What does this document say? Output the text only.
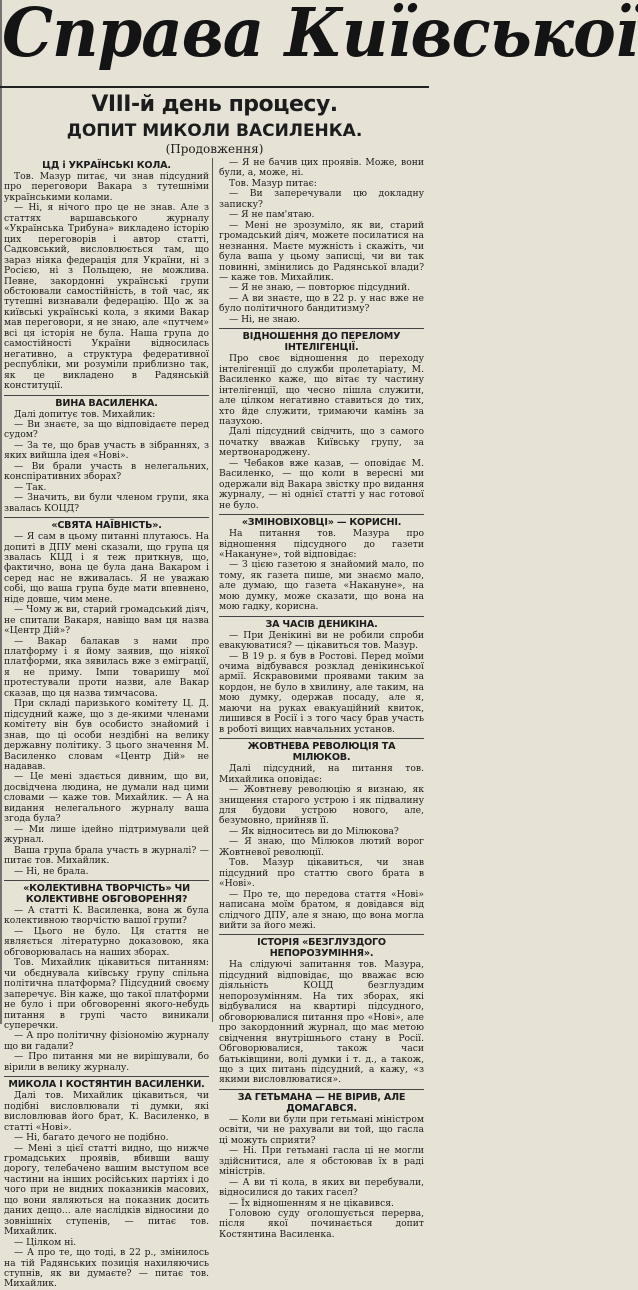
Справа Київської
VIII-й день процесу.
ДОПИТ МИКОЛИ ВАСИЛЕНКА.
(Продовження)
ЦД і УКРАЇНСЬКІ КОЛА.

Тов. Мазур питає, чи знав підсудний про переговори Вакара з тутешніми українськими колами.

— Ні, я нічого про це не знав. Але з статтях варшавського журналу «Українська Трибуна» викладено історію цих переговорів і автор статті, Садковський, висловлюється там, що зараз ніяка федерація для України, ні з Росією, ні з Польщею, не можлива. Певне, закордонні українські групи обстоювали самостійність, в той час, як тутешні визнавали федерацію. Що ж за київські українські кола, з якими Вакар мав переговори, я не знаю, але «путчем» всі ця історія не була. Наша група до самостійності України відносилась негативно, а структура федеративної республіки, ми розуміли приблизно так, як це викладено в Радянській конституції.

ВИНА ВАСИЛЕНКА.

Далі допитує тов. Михайлик:

— Ви знаєте, за що відповідаєте перед судом?

— За те, що брав участь в зібраннях, з яких вийшла ідея «Нові».

— Ви брали участь в нелегальних, конспіративних зборах?

— Так.

— Значить, ви були членом групи, яка звалась КОЦД?

«СВЯТА НАЇВНІСТЬ».

— Я сам в цьому питанні плутаюсь. На допиті в ДПУ мені сказали, що група ця звалась КЦД і я теж приткнув, що, фактично, вона це була дана Вакаром і серед нас не вживалась. Я не уважаю собі, що ваша група буде мати впевнено, ніде довше, чим мене.

— Чому ж ви, старий громадський діяч, не спитали Вакаря, навіщо вам ця назва «Центр Дій»?

— Вакар балакав з нами про платформу і я йому заявив, що ніякої платформи, яка зявилась вже з еміграції, я не приму. Імпи товаришу мої протестували проти назви, але Вакар сказав, що ця назва тимчасова.

При складі паризького комітету Ц. Д. підсудний каже, що з де-якими членами комітету він був особисто знайомий і знав, що ці особи нездібні на велику державну політику. З цього значення М. Василенко словам «Центр Дій» не надавав.

— Це мені здається дивним, що ви, досвідчена людина, не думали над цими словами — каже тов. Михайлик. — А на видання нелегального журналу ваша згода була?

— Ми лише ідейно підтримували цей журнал.

Ваша група брала участь в журналі? — питає тов. Михайлик.

— Ні, не брала.

«КОЛЕКТИВНА ТВОРЧІСТЬ» ЧИ КОЛЕКТИВНЕ ОБГОВОРЕННЯ?

— А статті К. Василенка, вона ж була колективною творчістю вашої групи?

— Цього не було. Ця стаття не являється літературно доказовою, яка обговорювалась на наших зборах.

Тов. Михайлик цікавиться питанням: чи обєднувала київську групу спільна політична платформа? Підсудний своєму заперечує. Він каже, що такої платформи не було і при обговоренні якого-небудь питання в групі часто виникали суперечки.

— А про політичну фізіономію журналу що ви гадали?

— Про питання ми не вирішували, бо вірили в велику журналу.

МИКОЛА І КОСТЯНТИН ВАСИЛЕНКИ.

Далі тов. Михайлик цікавиться, чи подібні висловлювали ті думки, які висловлював його брат, К. Василенко, в статті «Нові».

— Ні, багато дечого не подібно.

— Мені з цієї статті видно, що нижче громадських проявів, вбивши вашу дорогу, телебачено вашим выступом все частини на інших російських партіях і до чого при не видних показників масових, що вони являються на показник досить даних дещо... але наслідків відносини до зовнішніх ступенів, — питає тов. Михайлик.

— Цілком ні.

— А про те, що тоді, в 22 р., змінилось на тій Радянських позиція нахиляючись ступнів, як ви думаєте? — питає тов. Михайлик.

— Я не бачив цих проявів. Може, вони були, а, може, ні.

Тов. Мазур питає:

— Ви заперечували цю докладну записку?

— Я не пам'ятаю.

— Мені не зрозуміло, як ви, старий громадський діяч, можете посилатися на незнання. Маєте мужність і скажіть, чи була ваша у цьому записці, чи ви так повинні, змінились до Радянської влади? — каже тов. Михайлик.

— Я не знаю, — повторює підсудний.

— А ви знаєте, що в 22 р. у нас вже не було політичного бандитизму?

— Ні, не знаю.

ВІДНОШЕННЯ ДО ПЕРЕЛОМУ ІНТЕЛІГЕНЦІЇ.

Про своє відношення до переходу інтелігенції до служби пролетаріату, М. Василенко каже, що вітає ту частину інтелігенції, що чесно пішла служити, але цілком негативно ставиться до тих, хто йде служити, тримаючи камінь за пазухою.

Далі підсудний свідчить, що з самого початку вважав Київську групу, за мертвонароджену.

— Чебаков вже казав, — оповідає М. Василенко, — що коли в вересні ми одержали від Вакара звістку про видання журналу, — ні однієї статті у нас готової не було.

«ЗМІНОВІХОВЦІ» — КОРИСНІ.

На питання тов. Мазура про відношення підсудного до газети «Накануне», той відповідає:

— З цією газетою я знайомий мало, по тому, як газета пише, ми знаємо мало, але думаю, що газета «Накануне», на мою думку, може сказати, що вона на мою гадку, корисна.

ЗА ЧАСІВ ДЕНИКІНА.

— При Денікині ви не робили спроби евакуюватися? — цікавиться тов. Мазур.

— В 19 р. я був в Ростові. Перед моїми очима відбувався розклад денікинської армії. Яскравовими проявами таким за кордон, не було в хвилину, але таким, на мою думку, одержав посаду, але я, маючи на руках евакуаційний квиток, лишився в Росії і з того часу брав участь в роботі вищих навчальних установ.

ЖОВТНЕВА РЕВОЛЮЦІЯ ТА МІЛЮКОВ.

Далі підсудний, на питання тов. Михайлика оповідає:

— Жовтневу революцію я визнаю, як знищення старого устрою і як підвалину для будови устрою нового, але, безумовно, прийняв її.

— Як відноситесь ви до Мілюкова?

— Я знаю, що Мілюков лютий ворог Жовтневої революції.

Тов. Мазур цікавиться, чи знав підсудний про статтю свого брата в «Нові».

— Про те, що передова стаття «Нові» написана моїм братом, я довідався від слідчого ДПУ, але я знаю, що вона могла вийти за його межі.

ІСТОРІЯ «БЕЗГЛУЗДОГО НЕПОРОЗУМІННЯ».

На слідуючі запитання тов. Мазура, підсудний відповідає, що вважає всю діяльність КОЦД безглуздим непорозумінням. На тих зборах, які відбувалися на квартирі підсудного, обговорювалися питання про «Нові», але про закордонний журнал, що має метою свідчення внутрішнього стану в Росії. Обговорювалися, також часи батьківщини, волі думки і т. д., а також, що з цих питань підсудний, а кажу, «з якими висловлюватися».

ЗА ГЕТЬМАНА — НЕ ВІРИВ, АЛЕ ДОМАГАВСЯ.

— Коли ви були при гетьмані міністром освіти, чи не рахували ви той, що гасла ці можуть сприяти?

— Ні. При гетьмані гасла ці не могли здійснитися, але я обстоював їх в раді міністрів.

— А ви ті кола, в яких ви перебували, відносилися до таких гасел?

— Їх відношенням я не цікавився.

Головою суду оголошується перерва, після якої починається допит Костянтина Василенка.
